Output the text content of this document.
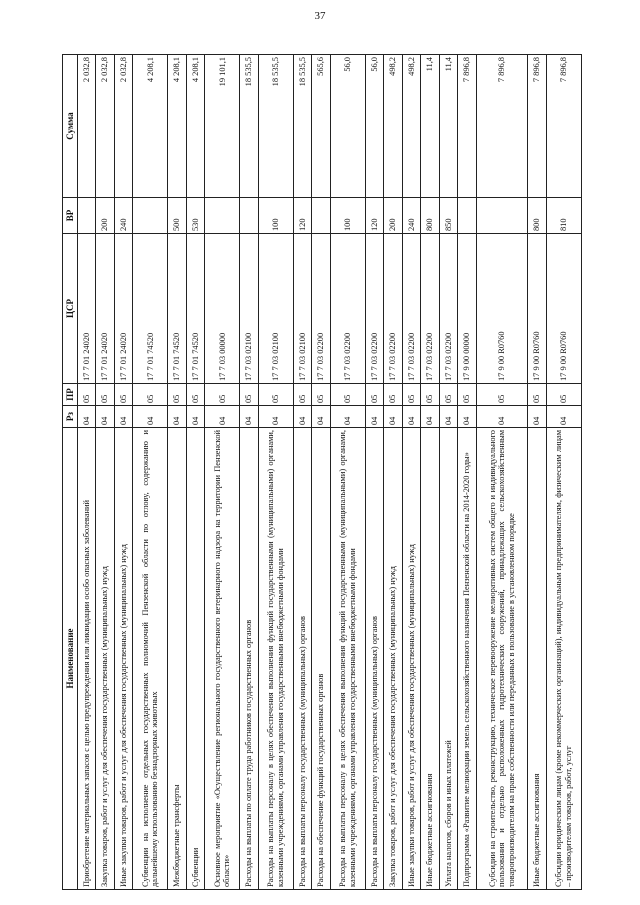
37
Наименование	Рз	ПР	ЦСР	ВР	Сумма
Приобретение материальных запасов с целью предупреждения или ликвидации особо опасных заболеваний	04	05	17 7 01 24020		2 032,8
Закупка товаров, работ и услуг для обеспечения государственных (муниципальных) нужд	04	05	17 7 01 24020	200	2 032,8
Иные закупки товаров, работ и услуг для обеспечения государственных (муниципальных) нужд	04	05	17 7 01 24020	240	2 032,8
Субвенции на исполнение отдельных государственных полномочий Пензенской области по отлову, содержанию и дальнейшему использованию безнадзорных животных	04	05	17 7 01 74520		4 208,1
Межбюджетные трансферты	04	05	17 7 01 74520	500	4 208,1
Субвенции	04	05	17 7 01 74520	530	4 208,1
Основное мероприятие «Осуществление регионального государственного ветеринарного надзора на территории Пензенской области»	04	05	17 7 03 00000		19 101,1
Расходы на выплаты по оплате труда работников государственных органов	04	05	17 7 03 02100		18 535,5
Расходы на выплаты персоналу в целях обеспечения выполнения функций государственными (муниципальными) органами, казенными учреждениями, органами управления государственными внебюджетными фондами	04	05	17 7 03 02100	100	18 535,5
Расходы на выплаты персоналу государственных (муниципальных) органов	04	05	17 7 03 02100	120	18 535,5
Расходы на обеспечение функций государственных органов	04	05	17 7 03 02200		565,6
Расходы на выплаты персоналу в целях обеспечения выполнения функций государственными (муниципальными) органами, казенными учреждениями, органами управления государственными внебюджетными фондами	04	05	17 7 03 02200	100	56,0
Расходы на выплаты персоналу государственных (муниципальных) органов	04	05	17 7 03 02200	120	56,0
Закупка товаров, работ и услуг для обеспечения государственных (муниципальных) нужд	04	05	17 7 03 02200	200	498,2
Иные закупки товаров, работ и услуг для обеспечения государственных (муниципальных) нужд	04	05	17 7 03 02200	240	498,2
Иные бюджетные ассигнования	04	05	17 7 03 02200	800	11,4
Уплата налогов, сборов и иных платежей	04	05	17 7 03 02200	850	11,4
Подпрограмма «Развитие мелиорации земель сельскохозяйственного назначения Пензенской области на 2014-2020 годы»	04	05	17 9 00 00000		7 896,8
Субсидии на строительство, реконструкцию, техническое перевооружение мелиоративных систем общего и индивидуального пользования и отдельно расположенных гидротехнических сооружений, принадлежащих сельскохозяйственным товаропроизводителям на праве собственности или переданных в пользование в установленном порядке	04	05	17 9 00 R0760		7 896,8
Иные бюджетные ассигнования	04	05	17 9 00 R0760	800	7 896,8
Субсидии юридическим лицам (кроме некоммерческих организаций), индивидуальным предпринимателям, физическим лицам – производителям товаров, работ, услуг	04	05	17 9 00 R0760	810	7 896,8
